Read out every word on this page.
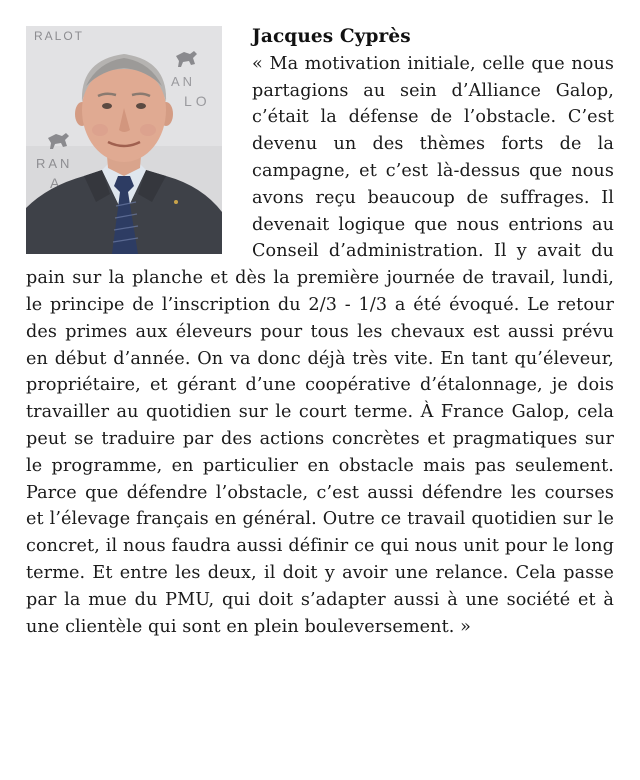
RALOT
AN
LO
RAN
A
Jacques Cyprès

« Ma motivation initiale, celle que nous partagions au sein d’Alliance Galop, c’était la défense de l’obstacle. C’est devenu un des thèmes forts de la campagne, et c’est là-dessus que nous avons reçu beaucoup de suffrages. Il devenait logique que nous entrions au Conseil d’administration. Il y avait du pain sur la planche et dès la première journée de travail, lundi, le principe de l’inscription du 2/3 - 1/3 a été évoqué. Le retour des primes aux éleveurs pour tous les chevaux est aussi prévu en début d’année. On va donc déjà très vite. En tant qu’éleveur, propriétaire, et gérant d’une coopérative d’étalonnage, je dois travailler au quotidien sur le court terme. À France Galop, cela peut se traduire par des actions concrètes et pragmatiques sur le programme, en particulier en obstacle mais pas seulement. Parce que défendre l’obstacle, c’est aussi défendre les courses et l’élevage français en général. Outre ce travail quotidien sur le concret, il nous faudra aussi définir ce qui nous unit pour le long terme. Et entre les deux, il doit y avoir une relance. Cela passe par la mue du PMU, qui doit s’adapter aussi à une société et à une clientèle qui sont en plein bouleversement. »
